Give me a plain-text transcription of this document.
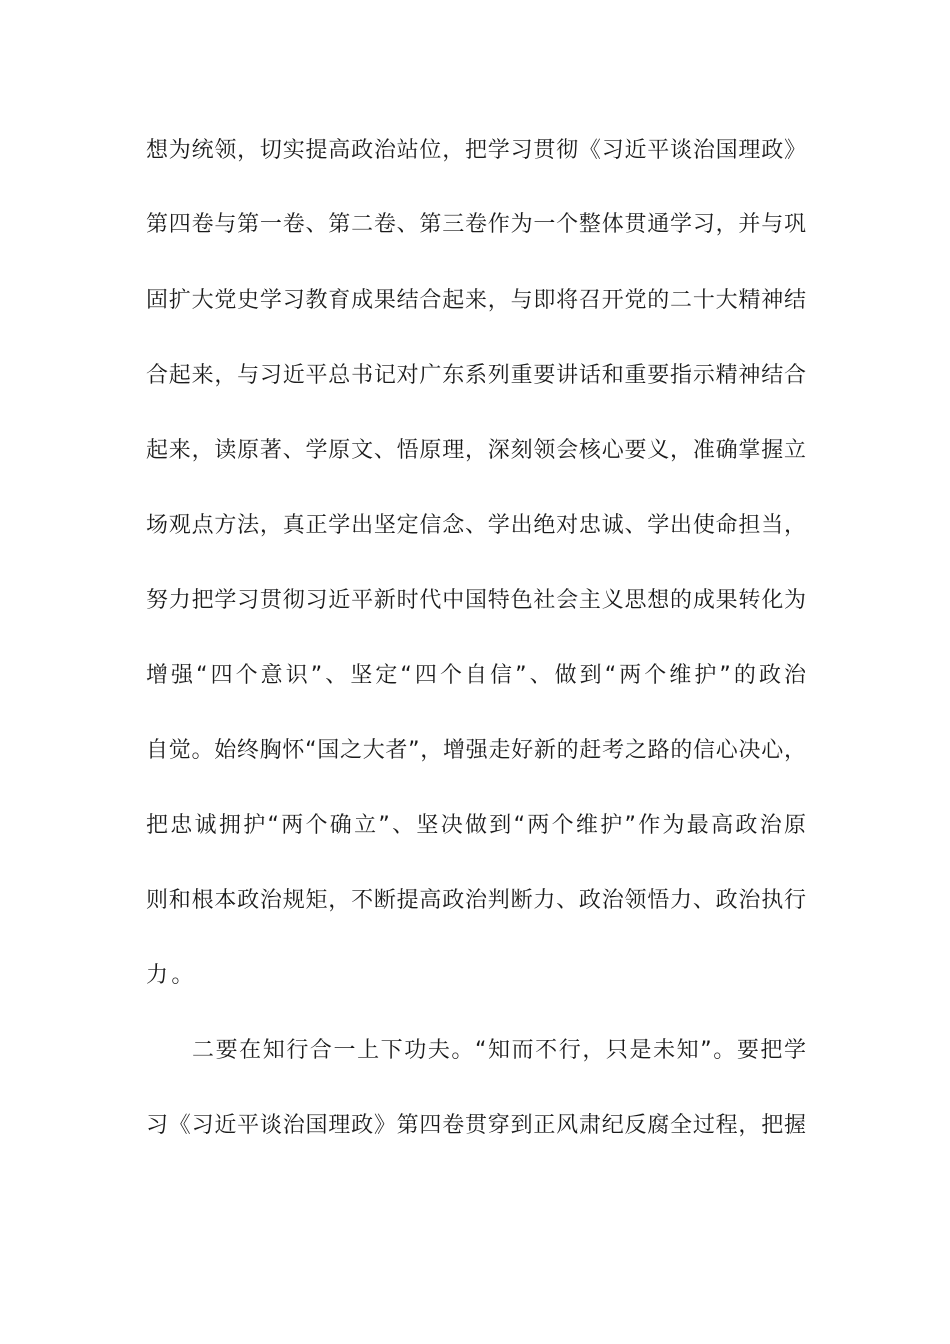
想为统领，切实提高政治站位，把学习贯彻《习近平谈治国理政》
第四卷与第一卷、第二卷、第三卷作为一个整体贯通学习，并与巩
固扩大党史学习教育成果结合起来，与即将召开党的二十大精神结
合起来，与习近平总书记对广东系列重要讲话和重要指示精神结合
起来，读原著、学原文、悟原理，深刻领会核心要义，准确掌握立
场观点方法，真正学出坚定信念、学出绝对忠诚、学出使命担当，
努力把学习贯彻习近平新时代中国特色社会主义思想的成果转化为
增强“四个意识”、坚定“四个自信”、做到“两个维护”的政治
自觉。始终胸怀“国之大者”，增强走好新的赶考之路的信心决心，
把忠诚拥护“两个确立”、坚决做到“两个维护”作为最高政治原
则和根本政治规矩，不断提高政治判断力、政治领悟力、政治执行
力。
二要在知行合一上下功夫。“知而不行，只是未知”。要把学
习《习近平谈治国理政》第四卷贯穿到正风肃纪反腐全过程，把握
